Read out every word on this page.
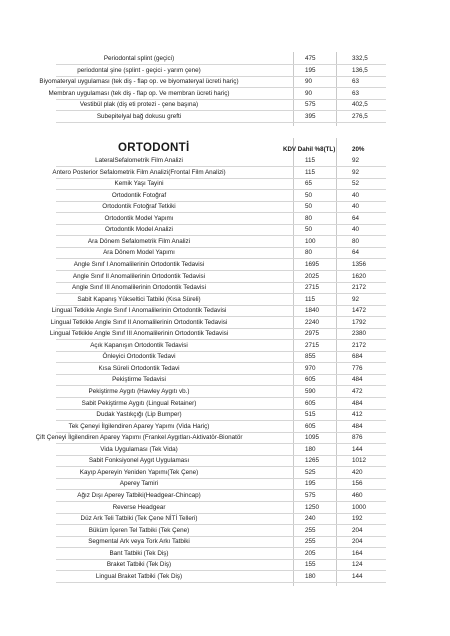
Periodontal splint (geçici)	475	332,5
periodontal şine (splint - geçici - yarım çene)	195	136,5
Biyomateryal uygulaması (tek diş - flap op. ve biyomateryal ücreti hariç)	90	63
Membran uygulaması (tek diş - flap op. Ve membran ücreti hariç)	90	63
Vestibül plak (diş eti protezi - çene başına)	575	402,5
Subepitelyal bağ dokusu grefti	395	276,5
ORTODONTİ	KDV Dahil %8(TL)	20%
LateralSefalometrik Film Analizi	115	92
Antero Posterior Sefalometrik Film Analizi(Frontal Film Analizi)	115	92
Kemik Yaşı Tayini	65	52
Ortodontik Fotoğraf	50	40
Ortodontik Fotoğraf Tetkiki	50	40
Ortodontik Model Yapımı	80	64
Ortodontik Model Analizi	50	40
Ara Dönem Sefalometrik Film Analizi	100	80
Ara Dönem Model Yapımı	80	64
Angle Sınıf I Anomalilerinin Ortodontik Tedavisi	1695	1356
Angle Sınıf II Anomalilerinin Ortodontik Tedavisi	2025	1620
Angle Sınıf III Anomalilerinin Ortodontik Tedavisi	2715	2172
Sabit Kapanış Yükseltici Tatbiki (Kısa Süreli)	115	92
Lingual Tetkikle Angle Sınıf I Anomalilerinin Ortodontik Tedavisi	1840	1472
Lingual Tetkikle Angle Sınıf II Anomalilerinin Ortodontik Tedavisi	2240	1792
Lingual Tetkikle Angle Sınıf III Anomalilerinin Ortodontik Tedavisi	2975	2380
Açık Kapanışın Ortodontik Tedavisi	2715	2172
Önleyici Ortodontik Tedavi	855	684
Kısa Süreli Ortodontik Tedavi	970	776
Pekiştirme Tedavisi	605	484
Pekiştirme Aygıtı (Hawley Aygıtı vb.)	590	472
Sabit Pekiştirme Aygıtı (Lingual Retainer)	605	484
Dudak Yastıkçığı (Lip Bumper)	515	412
Tek Çeneyi İlgilendiren Aparey Yapımı (Vida Hariç)	605	484
Çift Çeneyi İlgilendiren Aparey Yapımı (Frankel Aygıtları-Aktivatör-Bionatör	1095	876
Vida Uygulaması (Tek Vida)	180	144
Sabit Fonksiyonel Aygıt Uygulaması	1265	1012
Kayıp Apereyin Yeniden Yapımı(Tek Çene)	525	420
Aperey Tamiri	195	156
Ağız Dışı Aperey Tatbiki(Headgear-Chincap)	575	460
Reverse Headgear	1250	1000
Düz Ark Teli Tatbiki (Tek Çene NİTİ Telleri)	240	192
Büküm İçeren Tel Tatbiki (Tek Çene)	255	204
Segmental Ark veya Tork Arkı Tatbiki	255	204
Bant Tatbiki (Tek Diş)	205	164
Braket Tatbiki (Tek Diş)	155	124
Lingual Braket Tatbiki (Tek Diş)	180	144
